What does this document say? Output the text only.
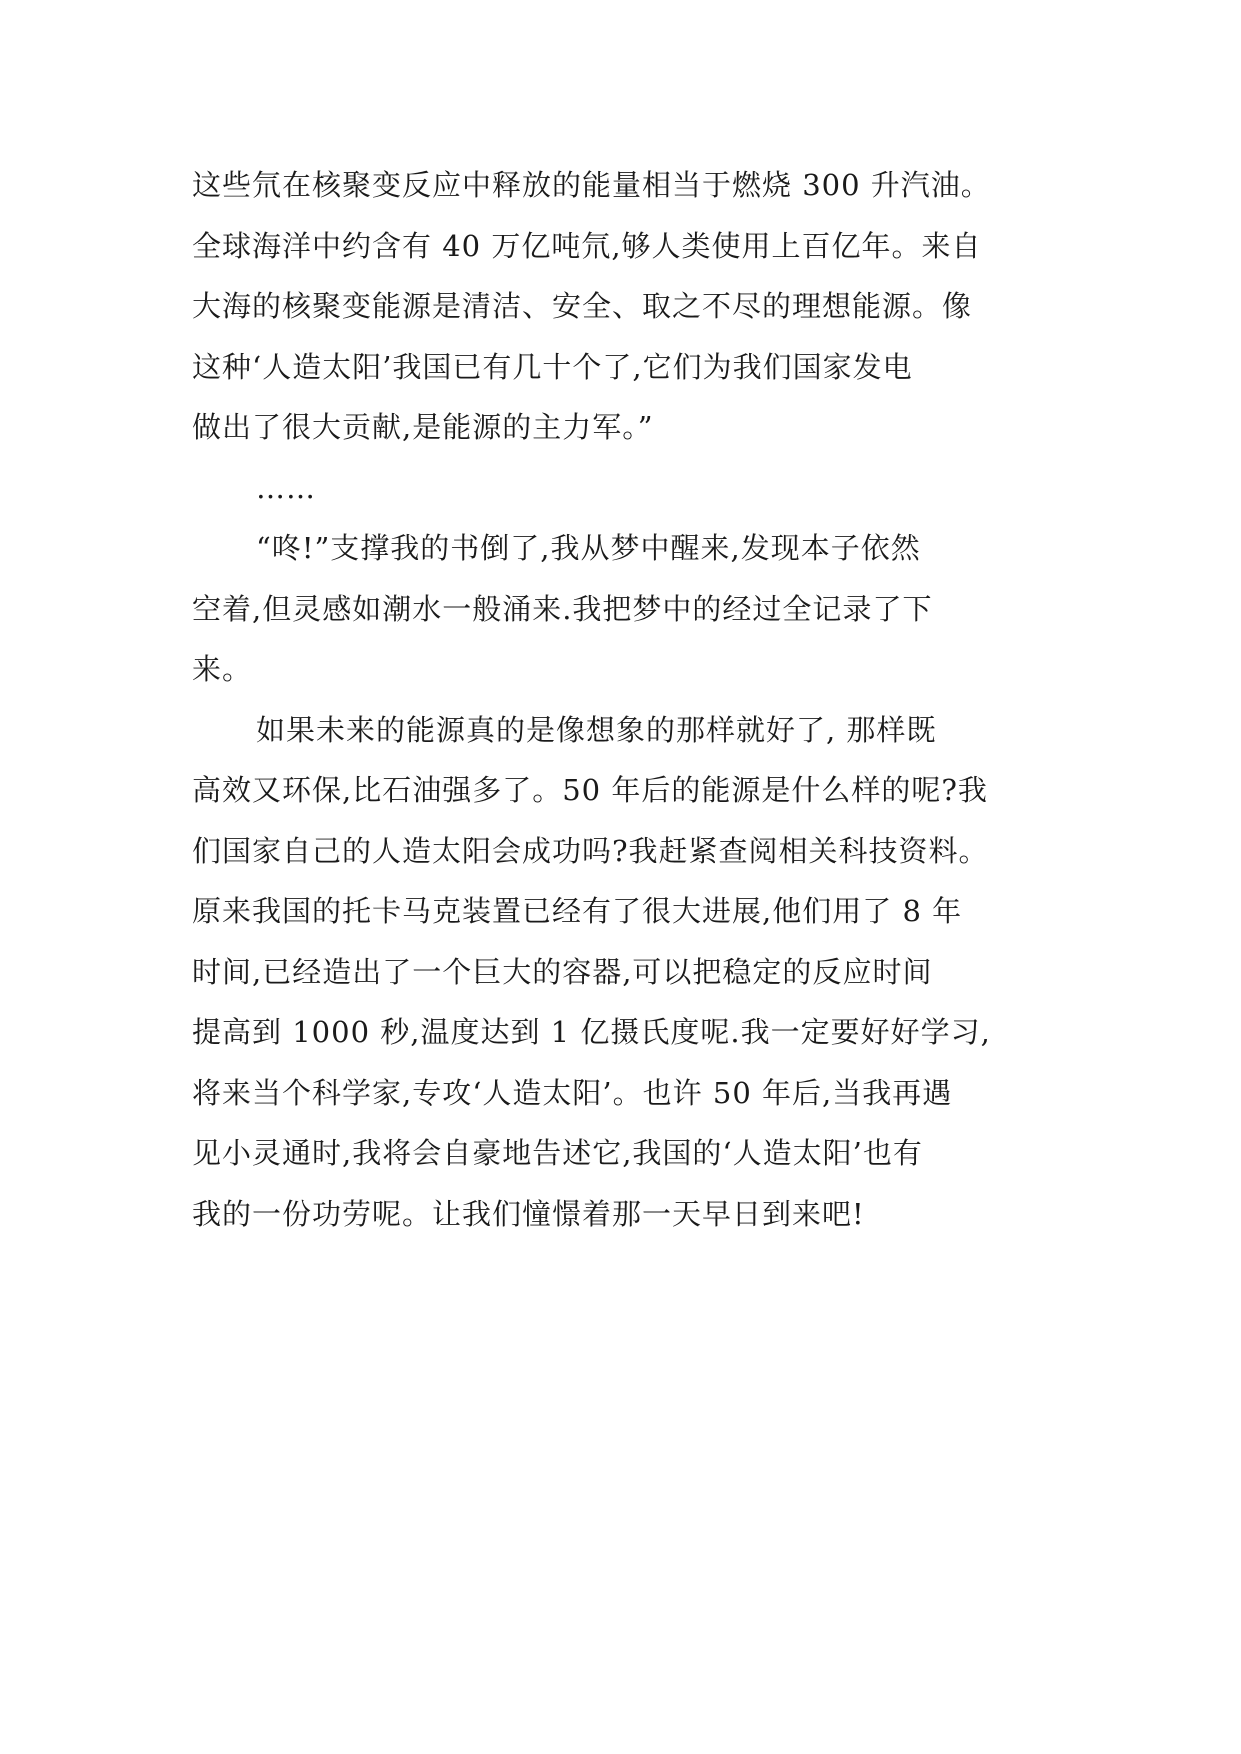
这些氘在核聚变反应中释放的能量相当于燃烧 300 升汽油。
全球海洋中约含有 40 万亿吨氘,够人类使用上百亿年。来自
大海的核聚变能源是清洁、安全、取之不尽的理想能源。像
这种‘人造太阳’我国已有几十个了,它们为我们国家发电
做出了很大贡献,是能源的主力军。”
……
“咚!”支撑我的书倒了,我从梦中醒来,发现本子依然
空着,但灵感如潮水一般涌来.我把梦中的经过全记录了下
来。
如果未来的能源真的是像想象的那样就好了, 那样既
高效又环保,比石油强多了。50 年后的能源是什么样的呢?我
们国家自己的人造太阳会成功吗?我赶紧查阅相关科技资料。
原来我国的托卡马克装置已经有了很大进展,他们用了 8 年
时间,已经造出了一个巨大的容器,可以把稳定的反应时间
提高到 1000 秒,温度达到 1 亿摄氏度呢.我一定要好好学习,
将来当个科学家,专攻‘人造太阳’。也许 50 年后,当我再遇
见小灵通时,我将会自豪地告述它,我国的‘人造太阳’也有
我的一份功劳呢。让我们憧憬着那一天早日到来吧!
